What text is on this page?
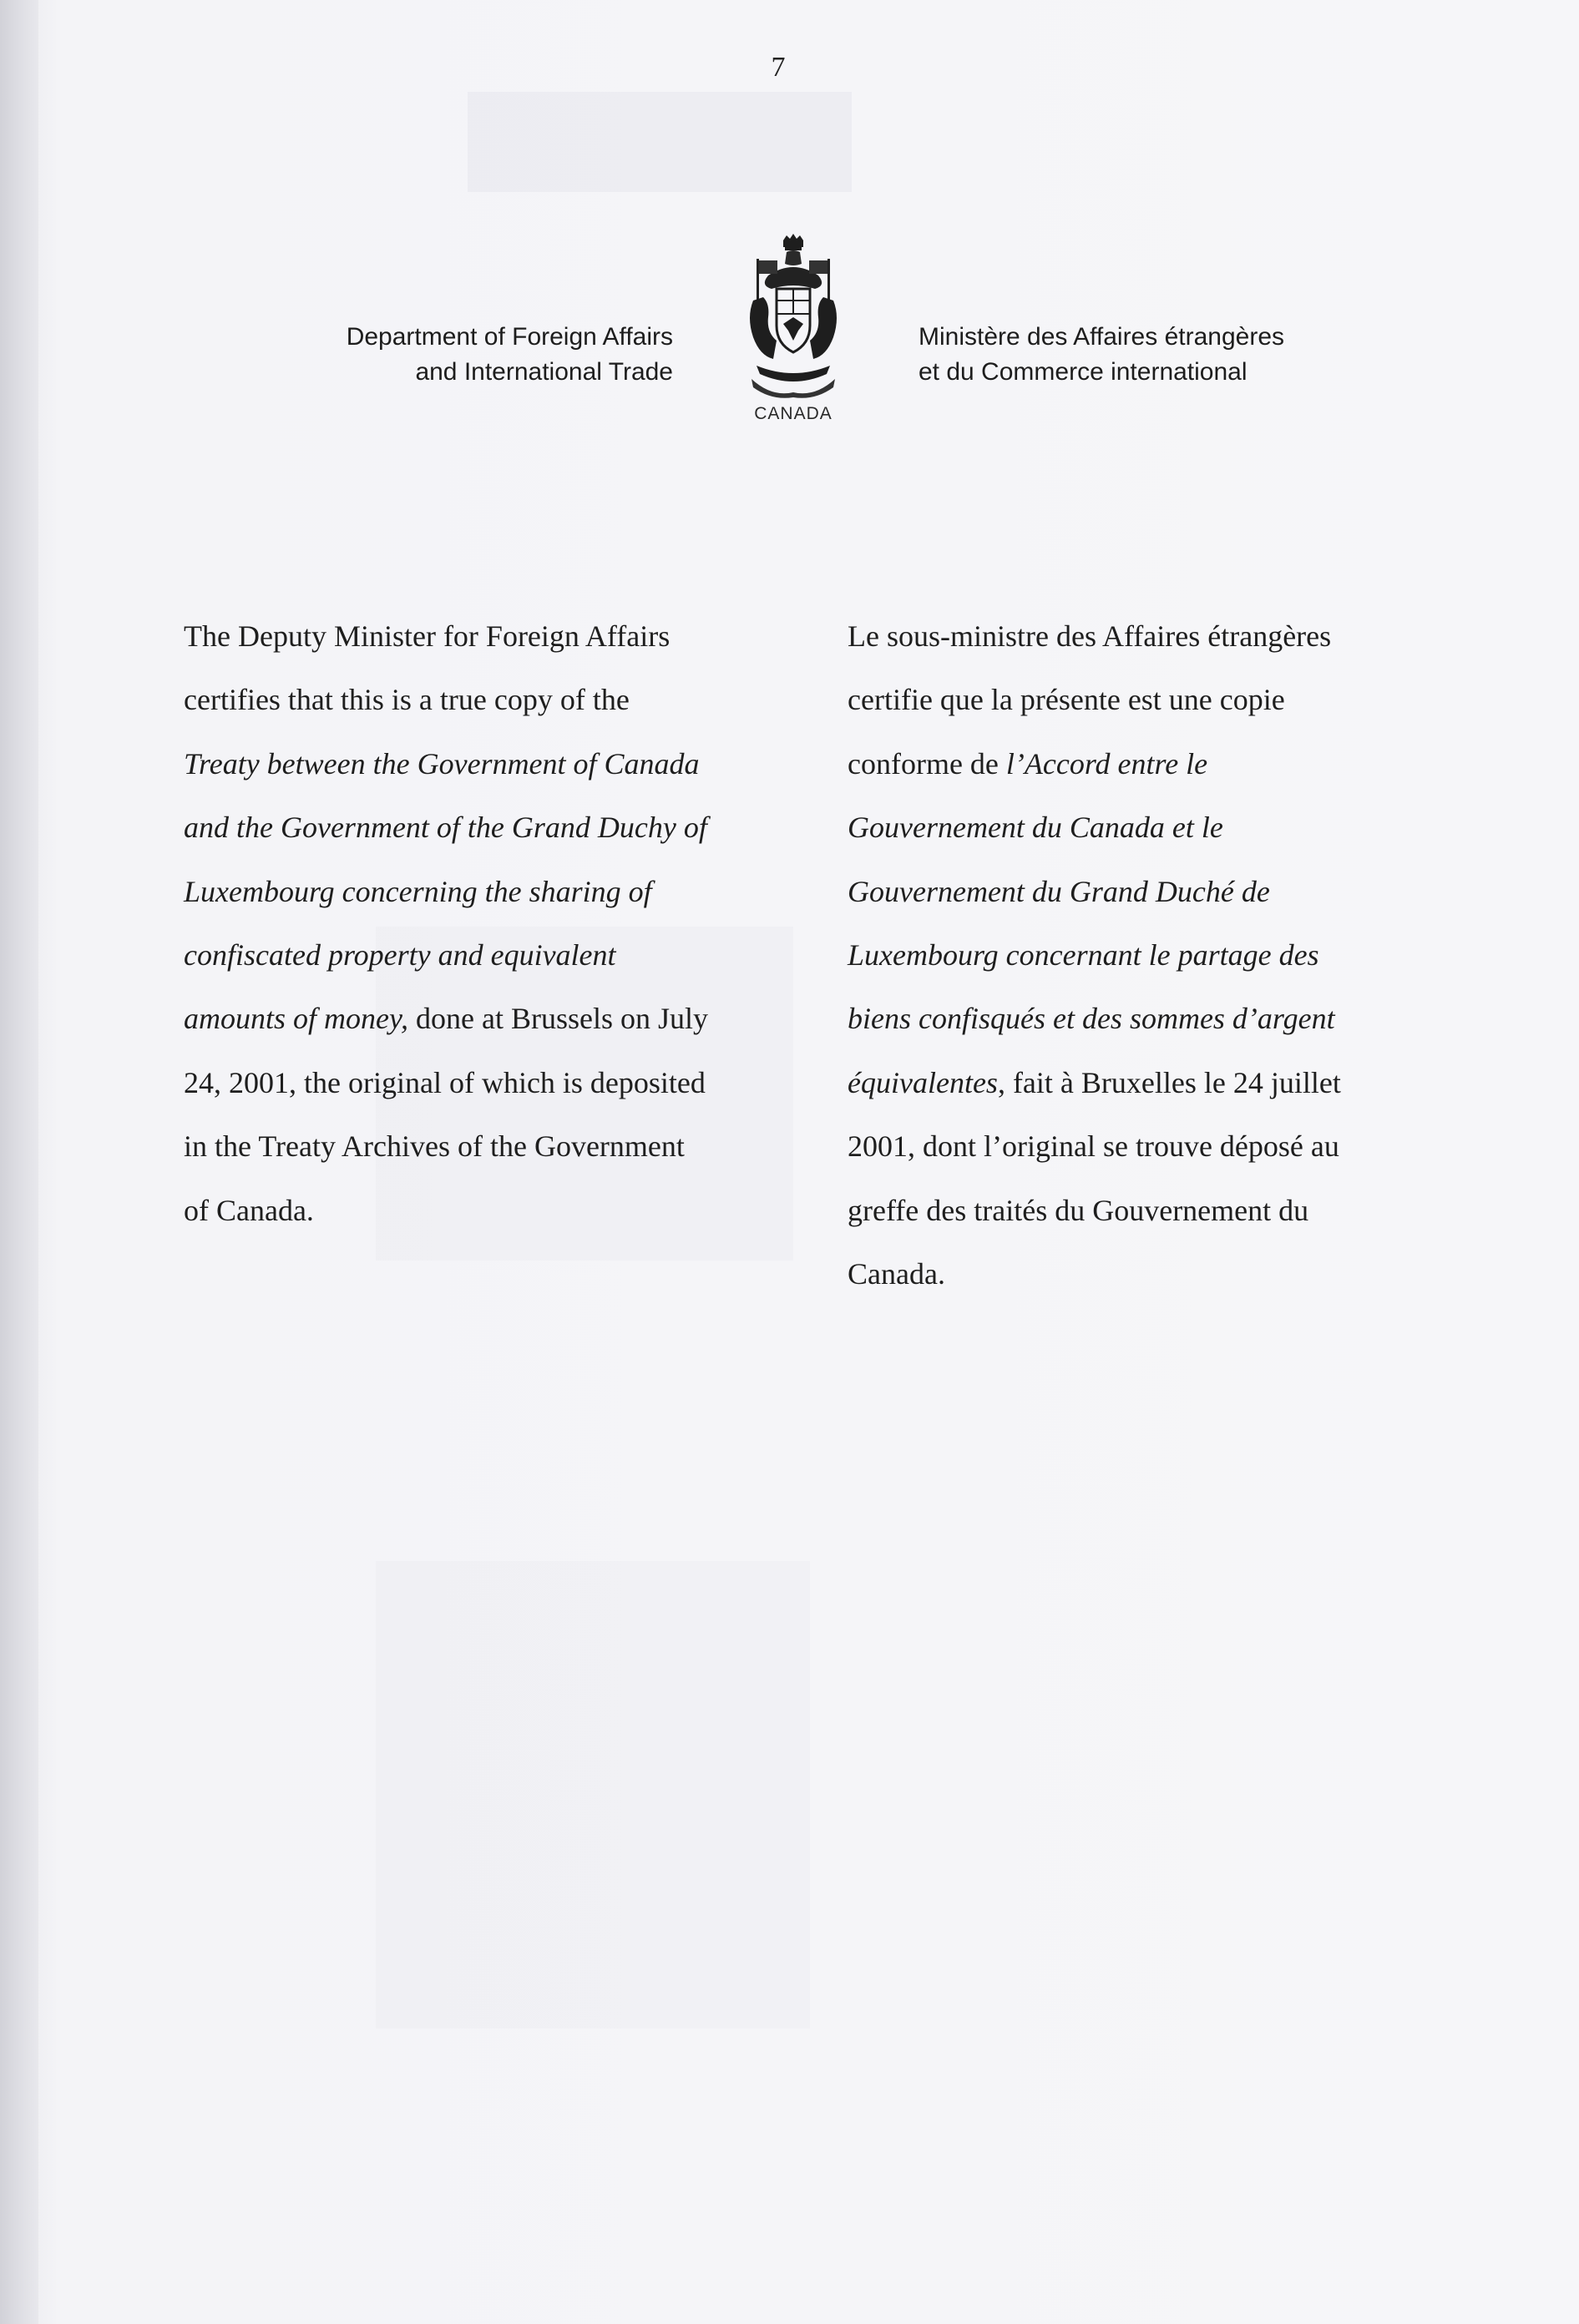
7
Department of Foreign Affairs
and International Trade
CANADA
Ministère des Affaires étrangères
et du Commerce international
The Deputy Minister for Foreign Affairs
certifies that this is a true copy of the
Treaty between the Government of Canada
and the Government of the Grand Duchy of
Luxembourg concerning the sharing of
confiscated property and equivalent
amounts of money, done at Brussels on July
24, 2001, the original of which is deposited
in the Treaty Archives of the Government
of Canada.
Le sous-ministre des Affaires étrangères
certifie que la présente est une copie
conforme de l’Accord entre le
Gouvernement du Canada et le
Gouvernement du Grand Duché de
Luxembourg concernant le partage des
biens confisqués et des sommes d’argent
équivalentes, fait à Bruxelles le 24 juillet
2001, dont l’original se trouve déposé au
greffe des traités du Gouvernement du
Canada.
